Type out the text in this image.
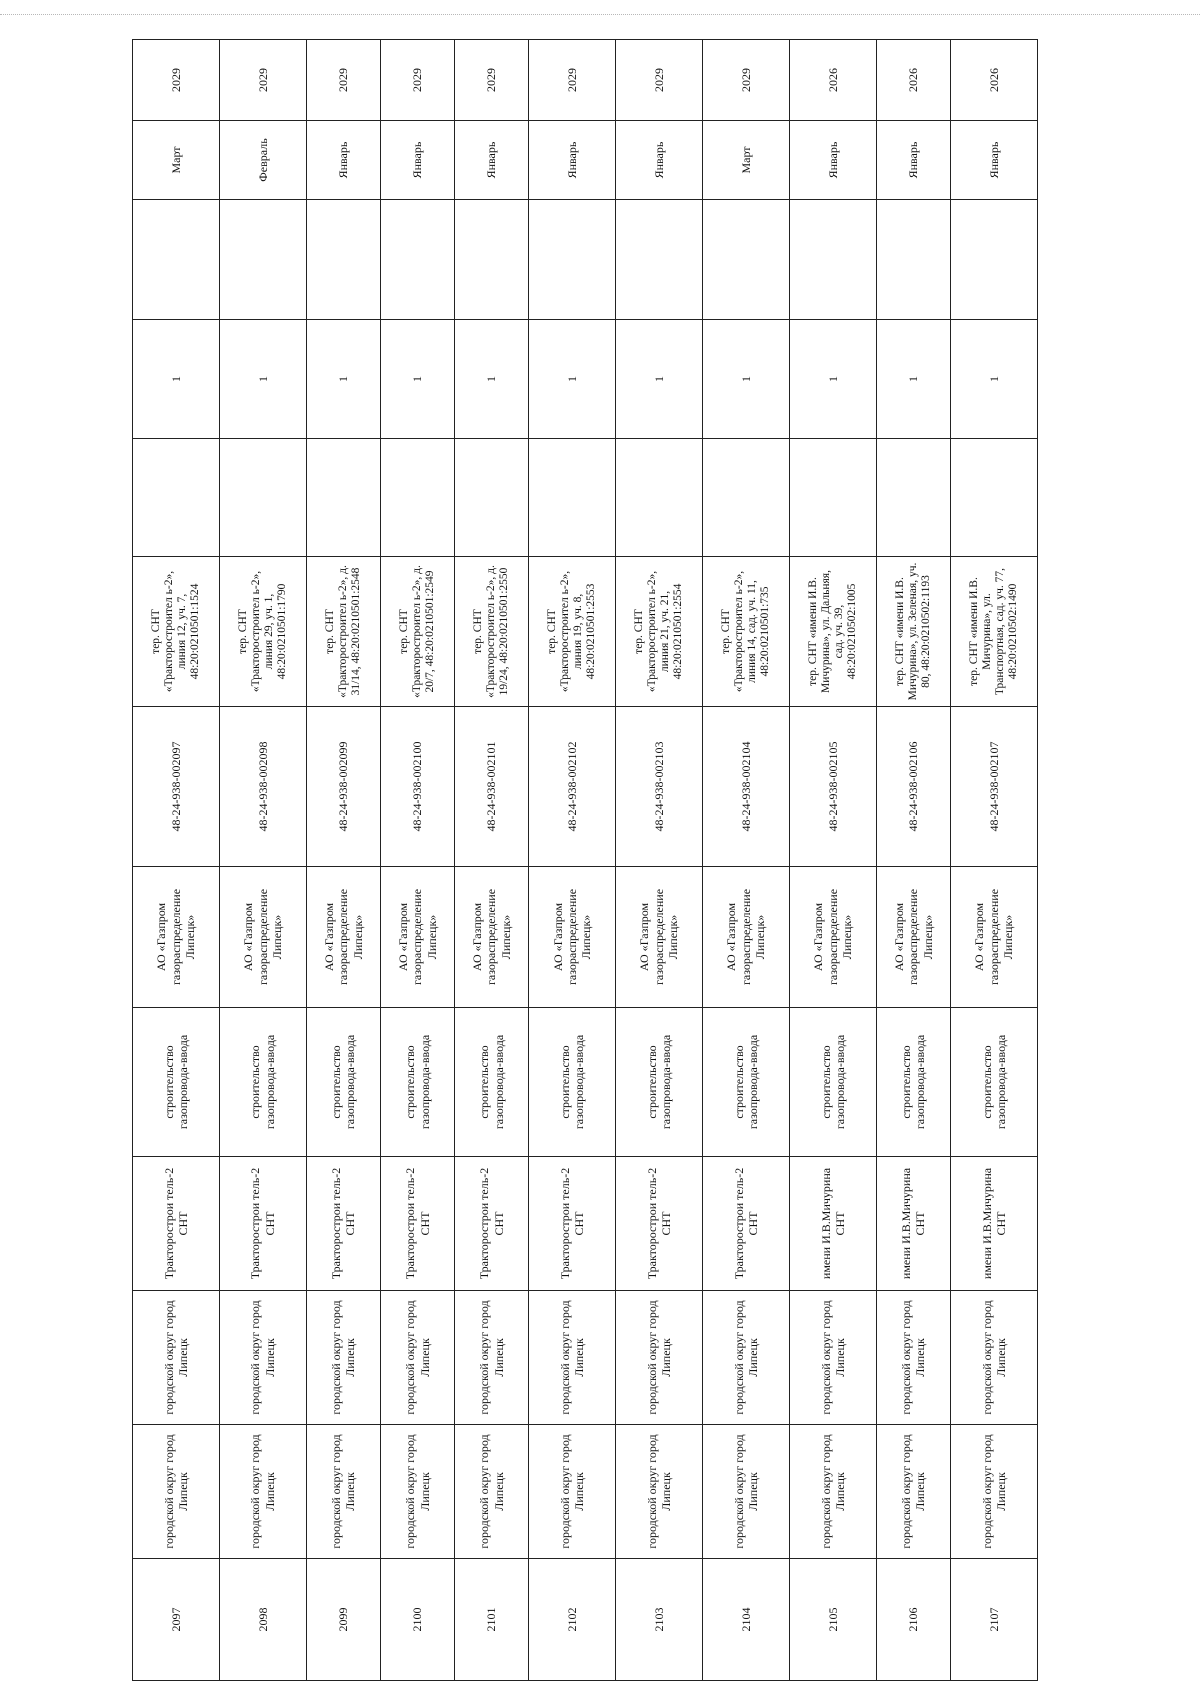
2097	городской округ город Липецк	городской округ город Липецк	Тракторострои тель-2 СНТ	строительство газопровода-ввода	АО «Газпром газораспределение Липецк»	48-24-938-002097	тер. СНТ «Тракторостроител ь-2», линия 12, уч. 7, 48:20:0210501:1524		1		Март	2029
2098	городской округ город Липецк	городской округ город Липецк	Тракторострои тель-2 СНТ	строительство газопровода-ввода	АО «Газпром газораспределение Липецк»	48-24-938-002098	тер. СНТ «Тракторостроител ь-2», линия 29, уч. 1, 48:20:0210501:1790		1		Февраль	2029
2099	городской округ город Липецк	городской округ город Липецк	Тракторострои тель-2 СНТ	строительство газопровода-ввода	АО «Газпром газораспределение Липецк»	48-24-938-002099	тер. СНТ «Тракторостроител ь-2», д. 31/14, 48:20:0210501:2548		1		Январь	2029
2100	городской округ город Липецк	городской округ город Липецк	Тракторострои тель-2 СНТ	строительство газопровода-ввода	АО «Газпром газораспределение Липецк»	48-24-938-002100	тер. СНТ «Тракторостроител ь-2», д. 20/7, 48:20:0210501:2549		1		Январь	2029
2101	городской округ город Липецк	городской округ город Липецк	Тракторострои тель-2 СНТ	строительство газопровода-ввода	АО «Газпром газораспределение Липецк»	48-24-938-002101	тер. СНТ «Тракторостроител ь-2», д. 19/24, 48:20:0210501:2550		1		Январь	2029
2102	городской округ город Липецк	городской округ город Липецк	Тракторострои тель-2 СНТ	строительство газопровода-ввода	АО «Газпром газораспределение Липецк»	48-24-938-002102	тер. СНТ «Тракторостроител ь-2», линия 19, уч. 8, 48:20:0210501:2553		1		Январь	2029
2103	городской округ город Липецк	городской округ город Липецк	Тракторострои тель-2 СНТ	строительство газопровода-ввода	АО «Газпром газораспределение Липецк»	48-24-938-002103	тер. СНТ «Тракторостроител ь-2», линия 21, уч. 21, 48:20:0210501:2554		1		Январь	2029
2104	городской округ город Липецк	городской округ город Липецк	Тракторострои тель-2 СНТ	строительство газопровода-ввода	АО «Газпром газораспределение Липецк»	48-24-938-002104	тер. СНТ «Тракторостроител ь-2», линия 14, сад. уч. 11, 48:20:0210501:735		1		Март	2029
2105	городской округ город Липецк	городской округ город Липецк	имени И.В.Мичурина СНТ	строительство газопровода-ввода	АО «Газпром газораспределение Липецк»	48-24-938-002105	тер. СНТ «имени И.В. Мичурина», ул. Дальняя, сад. уч. 39, 48:20:0210502:1005		1		Январь	2026
2106	городской округ город Липецк	городской округ город Липецк	имени И.В.Мичурина СНТ	строительство газопровода-ввода	АО «Газпром газораспределение Липецк»	48-24-938-002106	тер. СНТ «имени И.В. Мичурина», ул. Зеленая, уч. 80, 48:20:0210502:1193		1		Январь	2026
2107	городской округ город Липецк	городской округ город Липецк	имени И.В.Мичурина СНТ	строительство газопровода-ввода	АО «Газпром газораспределение Липецк»	48-24-938-002107	тер. СНТ «имени И.В. Мичурина», ул. Транспортная, сад. уч. 77, 48:20:0210502:1490		1		Январь	2026
